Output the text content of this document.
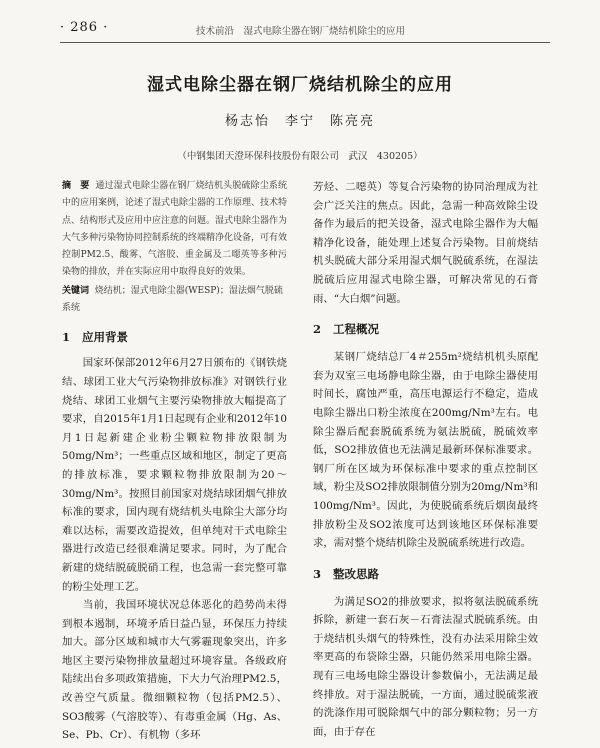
· 286 ·	技术前沿　湿式电除尘器在钢厂烧结机除尘的应用
湿式电除尘器在钢厂烧结机除尘的应用
杨志怡　李宁　陈亮亮
（中钢集团天澄环保科技股份有限公司　武汉　430205）
摘　要 通过湿式电除尘器在钢厂烧结机头脱硫除尘系统中的应用案例，论述了湿式电除尘器的工作原理、技术特点、结构形式及应用中应注意的问题。湿式电除尘器作为大气多种污染物协同控制系统的终端精净化设备，可有效控制PM2.5、酸雾、气溶胶、重金属及二噁英等多种污染物的排放，并在实际应用中取得良好的效果。
关键词 烧结机；湿式电除尘器(WESP)；湿法烟气脱硫系统
1 应用背景

国家环保部2012年6月27日颁布的《钢铁烧结、球团工业大气污染物排放标准》对钢铁行业烧结、球团工业烟气主要污染物排放大幅提高了要求，自2015年1月1日起现有企业和2012年10月1日起新建企业粉尘颗粒物排放限制为50mg/Nm³；一些重点区域和地区，制定了更高的排放标准，要求颗粒物排放限制为20～30mg/Nm³。按照目前国家对烧结球团烟气排放标准的要求，国内现有烧结机头电除尘大部分均难以达标，需要改造提效，但单纯对干式电除尘器进行改造已经很难满足要求。同时，为了配合新建的烧结脱硫脱硝工程，也急需一套完整可靠的粉尘处理工艺。

当前，我国环境状况总体恶化的趋势尚未得到根本遏制，环境矛盾日益凸显，环保压力持续加大。部分区域和城市大气雾霾现象突出，许多地区主要污染物排放量超过环境容量。各级政府陆续出台多项政策措施，下大力气治理PM2.5，改善空气质量。微细颗粒物（包括PM2.5）、SO3酸雾（气溶胶等）、有毒重金属（Hg、As、Se、Pb、Cr）、有机物（多环

芳烃、二噁英）等复合污染物的协同治理成为社会广泛关注的焦点。因此，急需一种高效除尘设备作为最后的把关设备，湿式电除尘器作为大幅精净化设备，能处理上述复合污染物。目前烧结机头脱硫大部分采用湿式烟气脱硫系统，在湿法脱硫后应用湿式电除尘器，可解决常见的石膏雨、“大白烟”问题。

2 工程概况

某钢厂烧结总厂4＃255m²烧结机机头原配套为双室三电场静电除尘器，由于电除尘器使用时间长，腐蚀严重，高压电源运行不稳定，造成电除尘器出口粉尘浓度在200mg/Nm³左右。电除尘器后配套脱硫系统为氨法脱硫，脱硫效率低，SO2排放值也无法满足最新环保标准要求。钢厂所在区域为环保标准中要求的重点控制区域，粉尘及SO2排放限制值分别为20mg/Nm³和100mg/Nm³。因此，为使脱硫系统后烟囱最终排放粉尘及SO2浓度可达到该地区环保标准要求，需对整个烧结机除尘及脱硫系统进行改造。

3 整改思路

为满足SO2的排放要求，拟将氨法脱硫系统拆除，新建一套石灰－石膏法湿式脱硫系统。由于烧结机头烟气的特殊性，没有办法采用除尘效率更高的布袋除尘器，只能仍然采用电除尘器。现有三电场电除尘器设计参数偏小，无法满足最终排放。对于湿法脱硫，一方面，通过脱硫浆液的洗涤作用可脱除烟气中的部分颗粒物；另一方面，由于存在
